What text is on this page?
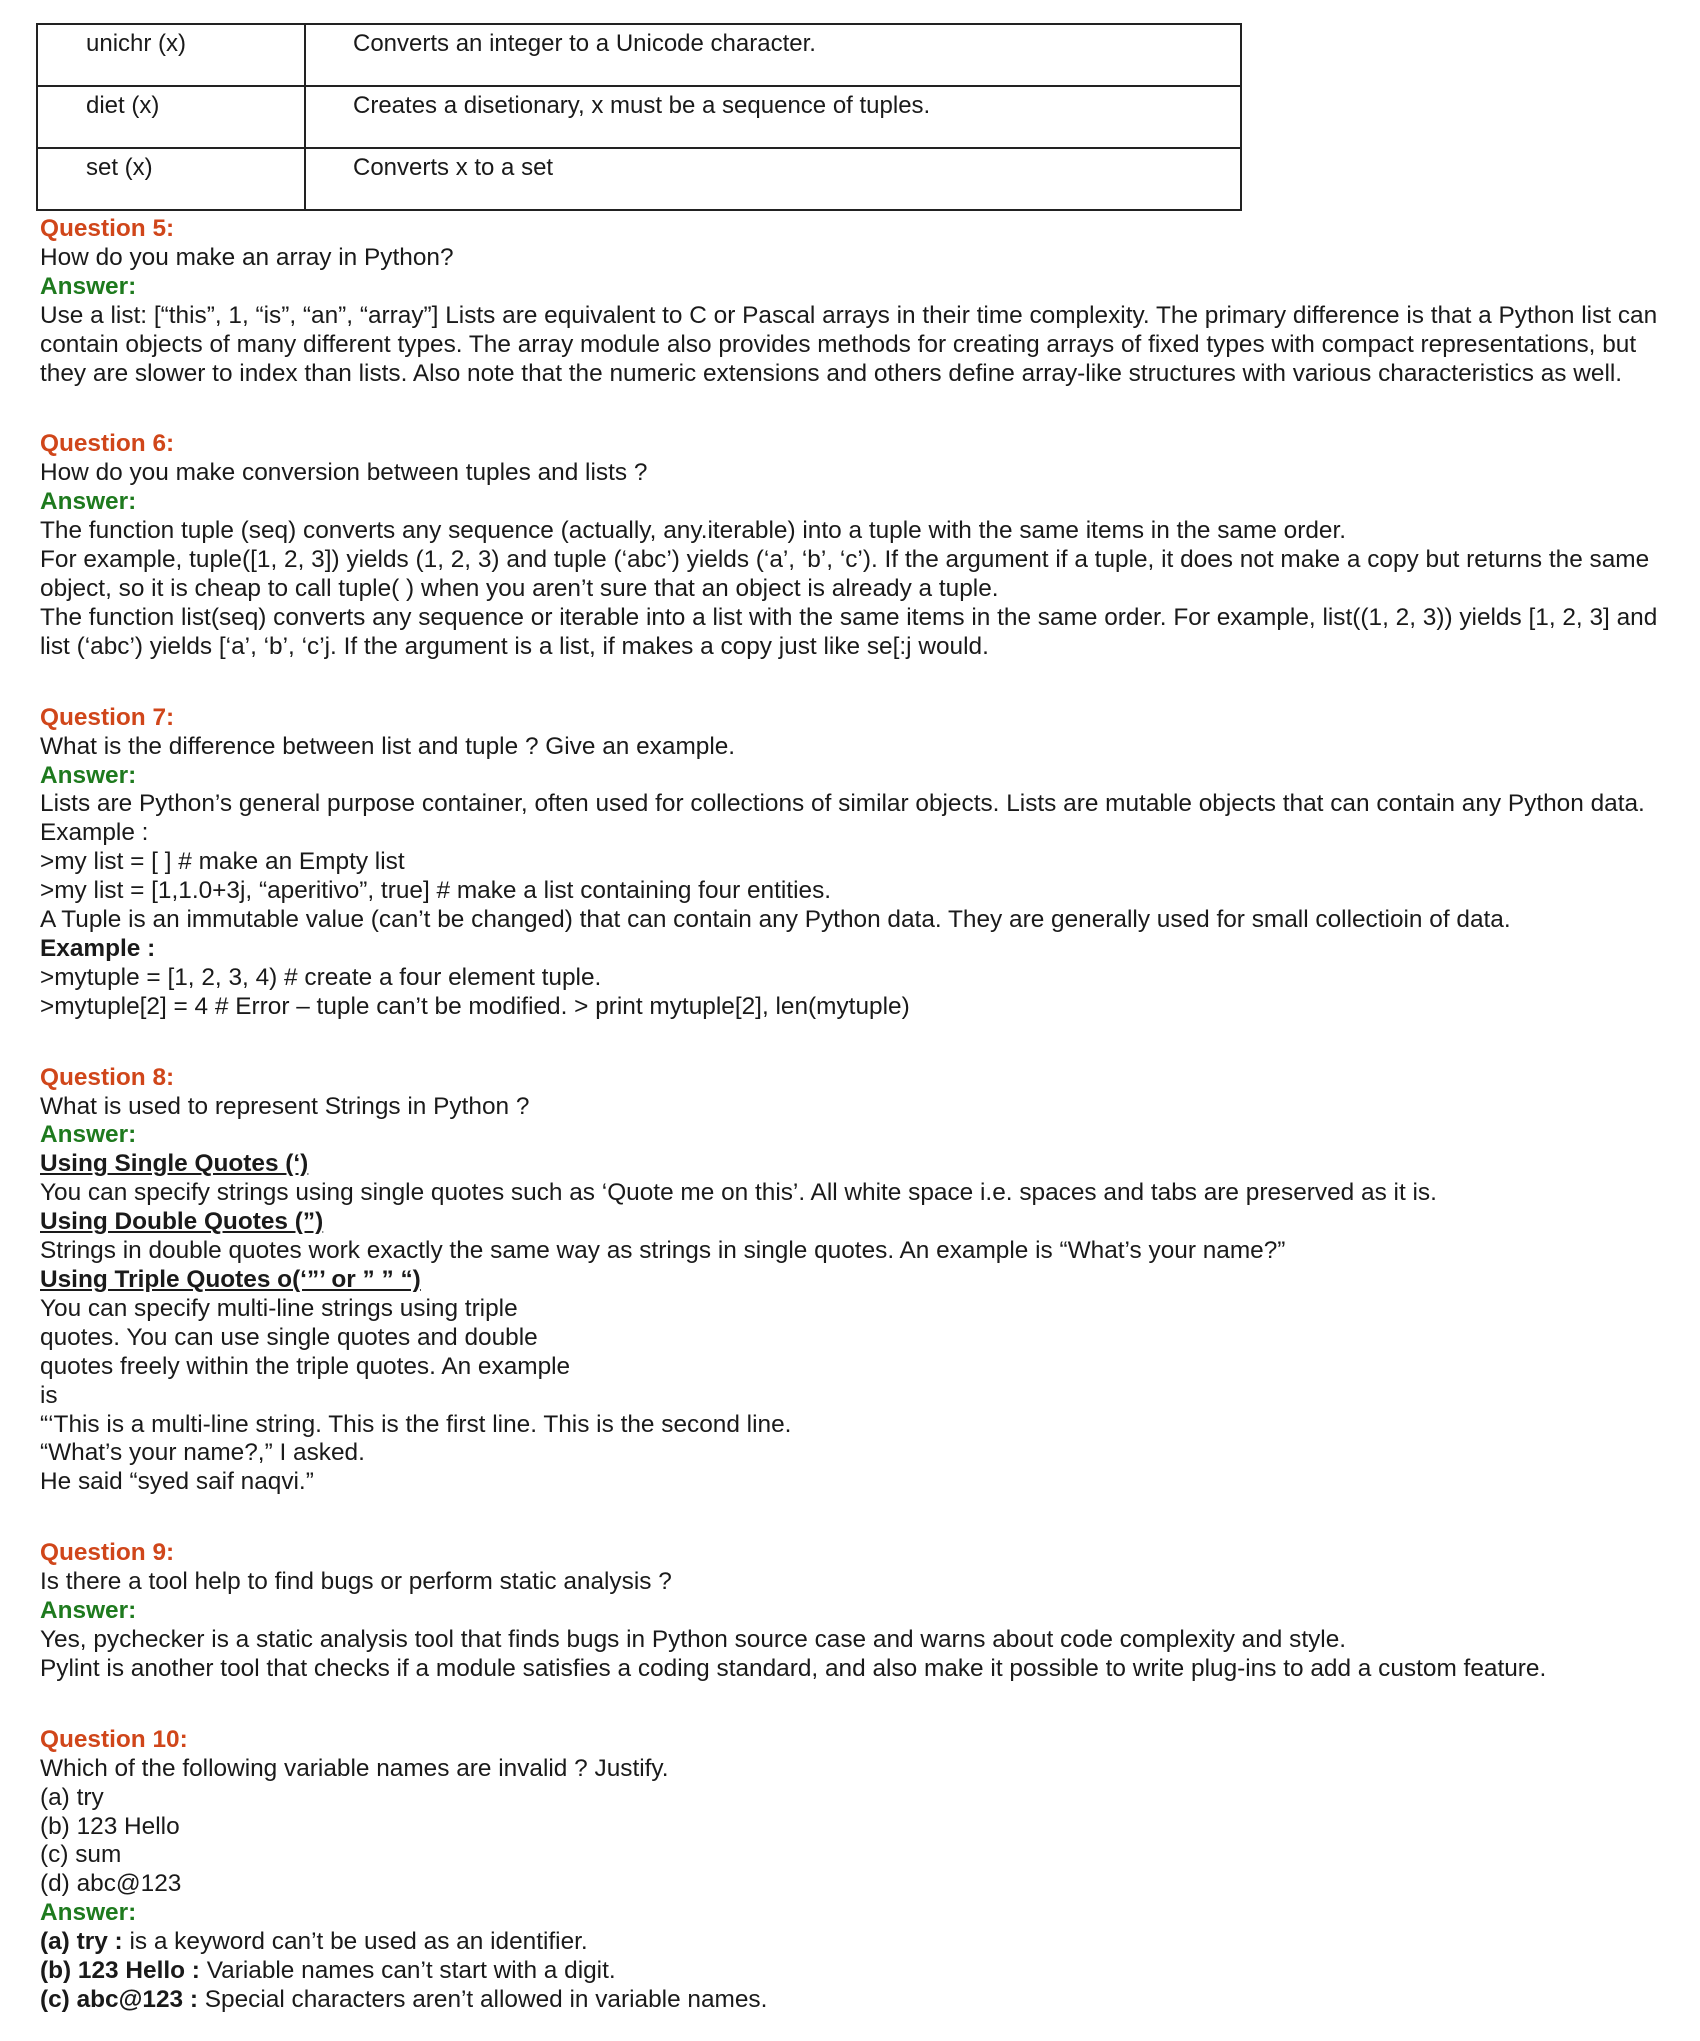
unichr (x)	Converts an integer to a Unicode character.
diet (x)	Creates a disetionary, x must be a sequence of tuples.
set (x)	Converts x to a set
Question 5:
How do you make an array in Python?
Answer:
Use a list: [“this”, 1, “is”, “an”, “array”] Lists are equivalent to C or Pascal arrays in their time complexity. The primary difference is that a Python list can contain objects of many different types. The array module also provides methods for creating arrays of fixed types with compact representations, but they are slower to index than lists. Also note that the numeric extensions and others define array-like structures with various characteristics as well.
Question 6:
How do you make conversion between tuples and lists ?
Answer:
The function tuple (seq) converts any sequence (actually, any.iterable) into a tuple with the same items in the same order.
For example, tuple([1, 2, 3]) yields (1, 2, 3) and tuple (‘abc’) yields (‘a’, ‘b’, ‘c’). If the argument if a tuple, it does not make a copy but returns the same object, so it is cheap to call tuple( ) when you aren’t sure that an object is already a tuple.
The function list(seq) converts any sequence or iterable into a list with the same items in the same order. For example, list((1, 2, 3)) yields [1, 2, 3] and list (‘abc’) yields [‘a’, ‘b’, ‘c’j. If the argument is a list, if makes a copy just like se[:j would.
Question 7:
What is the difference between list and tuple ? Give an example.
Answer:
Lists are Python’s general purpose container, often used for collections of similar objects. Lists are mutable objects that can contain any Python data. Example :
>my list = [ ] # make an Empty list
>my list = [1,1.0+3j, “aperitivo”, true] # make a list containing four entities.
A Tuple is an immutable value (can’t be changed) that can contain any Python data. They are generally used for small collectioin of data.
Example :
>mytuple = [1, 2, 3, 4) # create a four element tuple.
>mytuple[2] = 4 # Error – tuple can’t be modified. > print mytuple[2], len(mytuple)
Question 8:
What is used to represent Strings in Python ?
Answer:
Using Single Quotes (‘)
You can specify strings using single quotes such as ‘Quote me on this’. All white space i.e. spaces and tabs are preserved as it is.
Using Double Quotes (”)
Strings in double quotes work exactly the same way as strings in single quotes. An example is “What’s your name?”
Using Triple Quotes o(‘”’ or ” ” “)
You can specify multi-line strings using triple
quotes. You can use single quotes and double
quotes freely within the triple quotes. An example
is
“‘This is a multi-line string. This is the first line. This is the second line.
“What’s your name?,” I asked.
He said “syed saif naqvi.”
Question 9:
Is there a tool help to find bugs or perform static analysis ?
Answer:
Yes, pychecker is a static analysis tool that finds bugs in Python source case and warns about code complexity and style.
Pylint is another tool that checks if a module satisfies a coding standard, and also make it possible to write plug-ins to add a custom feature.
Question 10:
Which of the following variable names are invalid ? Justify.
(a) try
(b) 123 Hello
(c) sum
(d) abc@123
Answer:
(a) try : is a keyword can’t be used as an identifier.
(b) 123 Hello : Variable names can’t start with a digit.
(c) abc@123 : Special characters aren’t allowed in variable names.
